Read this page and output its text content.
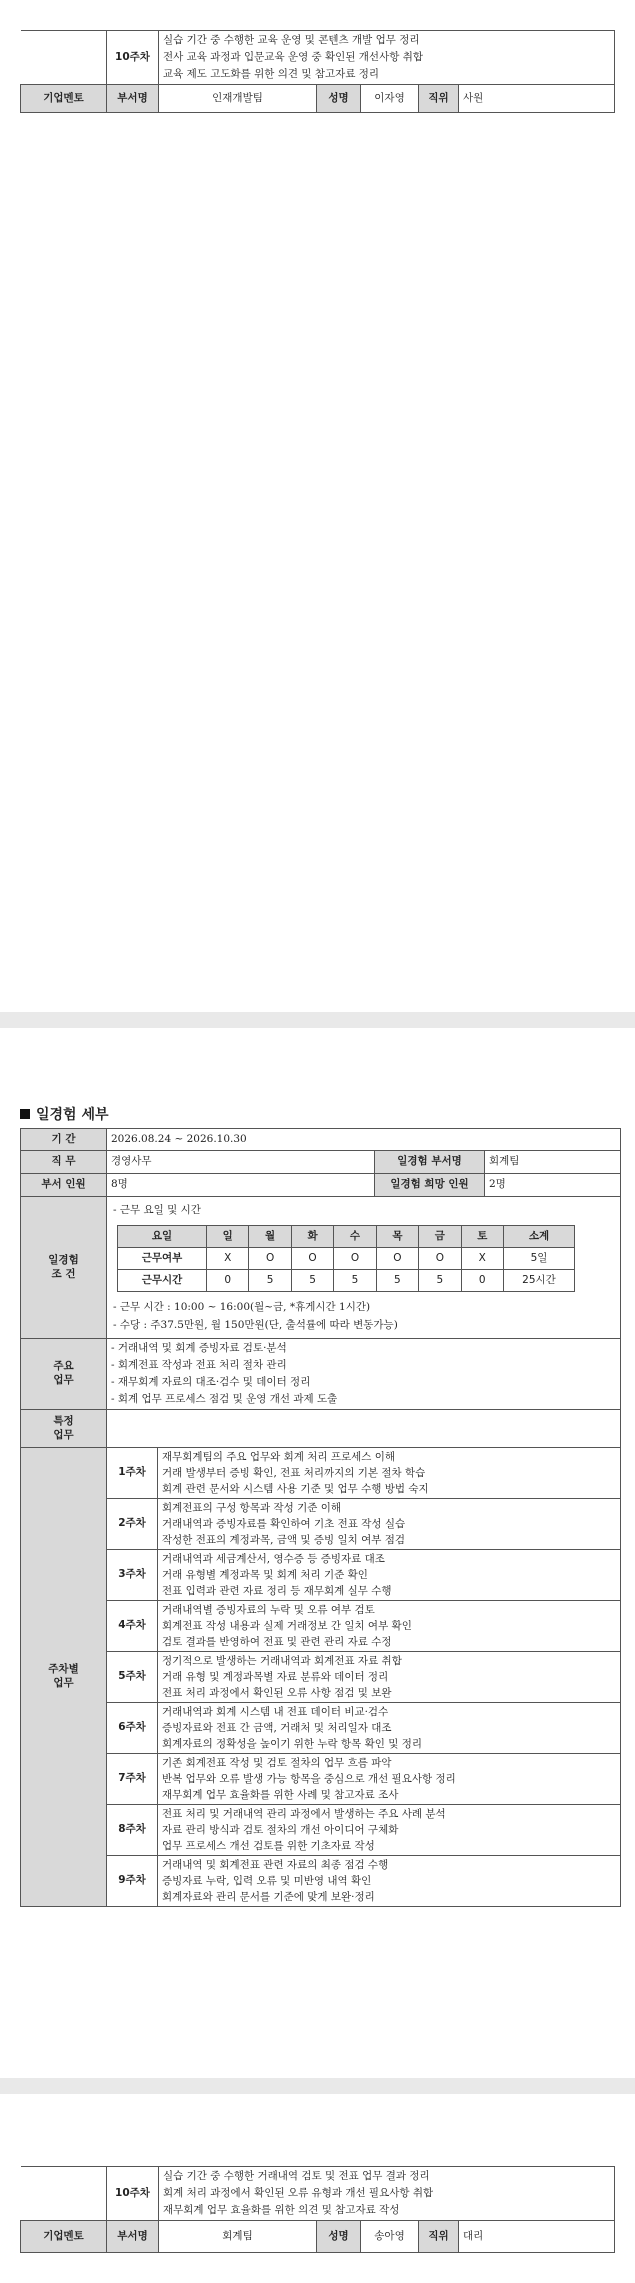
	10주차	실습 기간 중 수행한 교육 운영 및 콘텐츠 개발 업무 정리
전사 교육 과정과 입문교육 운영 중 확인된 개선사항 취합
교육 제도 고도화를 위한 의견 및 참고자료 정리				

기업멘토	부서명	인재개발팀	성명	이자영	직위	사원
일경험 세부
기 간	2026.08.24 ~ 2026.10.30
직 무	경영사무	일경험 부서명	회계팀
부서 인원	8명	일경험 희망 인원	2명

일경험
조 건

- 근무 요일 및 시간
요일	일	월	화	수	목	금	토	소계
근무여부	X	O	O	O	O	O	X	5일
근무시간	0	5	5	5	5	5	0	25시간
- 근무 시간 : 10:00 ~ 16:00(월~금, *휴게시간 1시간)
- 수당 : 주37.5만원, 월 150만원(단, 출석률에 따라 변동가능)

주요
업무

- 거래내역 및 회계 증빙자료 검토·분석
- 회계전표 작성과 전표 처리 절차 관리
- 재무회계 자료의 대조·검수 및 데이터 정리
- 회계 업무 프로세스 점검 및 운영 개선 과제 도출

특정
업무

주차별
업무
	1주차	
재무회계팀의 주요 업무와 회계 처리 프로세스 이해
거래 발생부터 증빙 확인, 전표 처리까지의 기본 절차 학습
회계 관련 문서와 시스템 사용 기준 및 업무 수행 방법 숙지

2주차	
회계전표의 구성 항목과 작성 기준 이해
거래내역과 증빙자료를 확인하여 기초 전표 작성 실습
작성한 전표의 계정과목, 금액 및 증빙 일치 여부 점검

3주차	
거래내역과 세금계산서, 영수증 등 증빙자료 대조
거래 유형별 계정과목 및 회계 처리 기준 확인
전표 입력과 관련 자료 정리 등 재무회계 실무 수행

4주차	
거래내역별 증빙자료의 누락 및 오류 여부 검토
회계전표 작성 내용과 실제 거래정보 간 일치 여부 확인
검토 결과를 반영하여 전표 및 관련 관리 자료 수정

5주차	
정기적으로 발생하는 거래내역과 회계전표 자료 취합
거래 유형 및 계정과목별 자료 분류와 데이터 정리
전표 처리 과정에서 확인된 오류 사항 점검 및 보완

6주차	
거래내역과 회계 시스템 내 전표 데이터 비교·검수
증빙자료와 전표 간 금액, 거래처 및 처리일자 대조
회계자료의 정확성을 높이기 위한 누락 항목 확인 및 정리

7주차	
기존 회계전표 작성 및 검토 절차의 업무 흐름 파악
반복 업무와 오류 발생 가능 항목을 중심으로 개선 필요사항 정리
재무회계 업무 효율화를 위한 사례 및 참고자료 조사

8주차	
전표 처리 및 거래내역 관리 과정에서 발생하는 주요 사례 분석
자료 관리 방식과 검토 절차의 개선 아이디어 구체화
업무 프로세스 개선 검토를 위한 기초자료 작성

9주차	
거래내역 및 회계전표 관련 자료의 최종 점검 수행
증빙자료 누락, 입력 오류 및 미반영 내역 확인
회계자료와 관리 문서를 기준에 맞게 보완·정리
	10주차	실습 기간 중 수행한 거래내역 검토 및 전표 업무 결과 정리
회계 처리 과정에서 확인된 오류 유형과 개선 필요사항 취합
재무회계 업무 효율화를 위한 의견 및 참고자료 작성				

기업멘토	부서명	회계팀	성명	송아영	직위	대리
